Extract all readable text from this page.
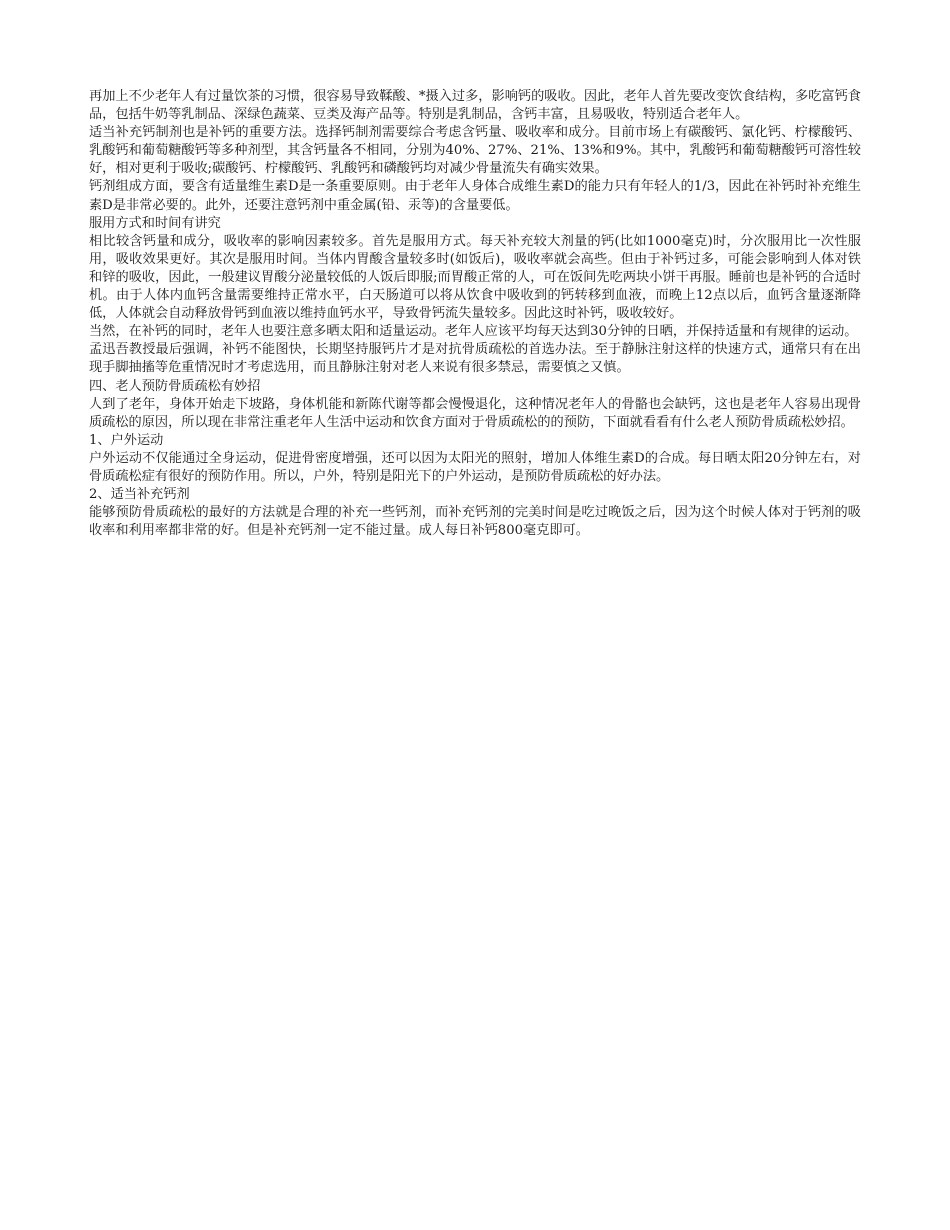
再加上不少老年人有过量饮茶的习惯，很容易导致鞣酸、*摄入过多，影响钙的吸收。因此，老年人首先要改变饮食结构，多吃富钙食品，包括牛奶等乳制品、深绿色蔬菜、豆类及海产品等。特别是乳制品，含钙丰富，且易吸收，特别适合老年人。

适当补充钙制剂也是补钙的重要方法。选择钙制剂需要综合考虑含钙量、吸收率和成分。目前市场上有碳酸钙、氯化钙、柠檬酸钙、乳酸钙和葡萄糖酸钙等多种剂型，其含钙量各不相同，分别为40%、27%、21%、13%和9%。其中，乳酸钙和葡萄糖酸钙可溶性较好，相对更利于吸收;碳酸钙、柠檬酸钙、乳酸钙和磷酸钙均对减少骨量流失有确实效果。

钙剂组成方面，要含有适量维生素D是一条重要原则。由于老年人身体合成维生素D的能力只有年轻人的1/3，因此在补钙时补充维生素D是非常必要的。此外，还要注意钙剂中重金属(铅、汞等)的含量要低。

服用方式和时间有讲究

相比较含钙量和成分，吸收率的影响因素较多。首先是服用方式。每天补充较大剂量的钙(比如1000毫克)时，分次服用比一次性服用，吸收效果更好。其次是服用时间。当体内胃酸含量较多时(如饭后)，吸收率就会高些。但由于补钙过多，可能会影响到人体对铁和锌的吸收，因此，一般建议胃酸分泌量较低的人饭后即服;而胃酸正常的人，可在饭间先吃两块小饼干再服。睡前也是补钙的合适时机。由于人体内血钙含量需要维持正常水平，白天肠道可以将从饮食中吸收到的钙转移到血液，而晚上12点以后，血钙含量逐渐降低，人体就会自动释放骨钙到血液以维持血钙水平，导致骨钙流失量较多。因此这时补钙，吸收较好。

当然，在补钙的同时，老年人也要注意多晒太阳和适量运动。老年人应该平均每天达到30分钟的日晒，并保持适量和有规律的运动。

孟迅吾教授最后强调，补钙不能图快，长期坚持服钙片才是对抗骨质疏松的首选办法。至于静脉注射这样的快速方式，通常只有在出现手脚抽搐等危重情况时才考虑选用，而且静脉注射对老人来说有很多禁忌，需要慎之又慎。

四、老人预防骨质疏松有妙招

人到了老年，身体开始走下坡路，身体机能和新陈代谢等都会慢慢退化，这种情况老年人的骨骼也会缺钙，这也是老年人容易出现骨质疏松的原因，所以现在非常注重老年人生活中运动和饮食方面对于骨质疏松的的预防，下面就看看有什么老人预防骨质疏松妙招。

1、户外运动

户外运动不仅能通过全身运动，促进骨密度增强，还可以因为太阳光的照射，增加人体维生素D的合成。每日晒太阳20分钟左右，对骨质疏松症有很好的预防作用。所以，户外，特别是阳光下的户外运动，是预防骨质疏松的好办法。

2、适当补充钙剂

能够预防骨质疏松的最好的方法就是合理的补充一些钙剂，而补充钙剂的完美时间是吃过晚饭之后，因为这个时候人体对于钙剂的吸收率和利用率都非常的好。但是补充钙剂一定不能过量。成人每日补钙800毫克即可。
